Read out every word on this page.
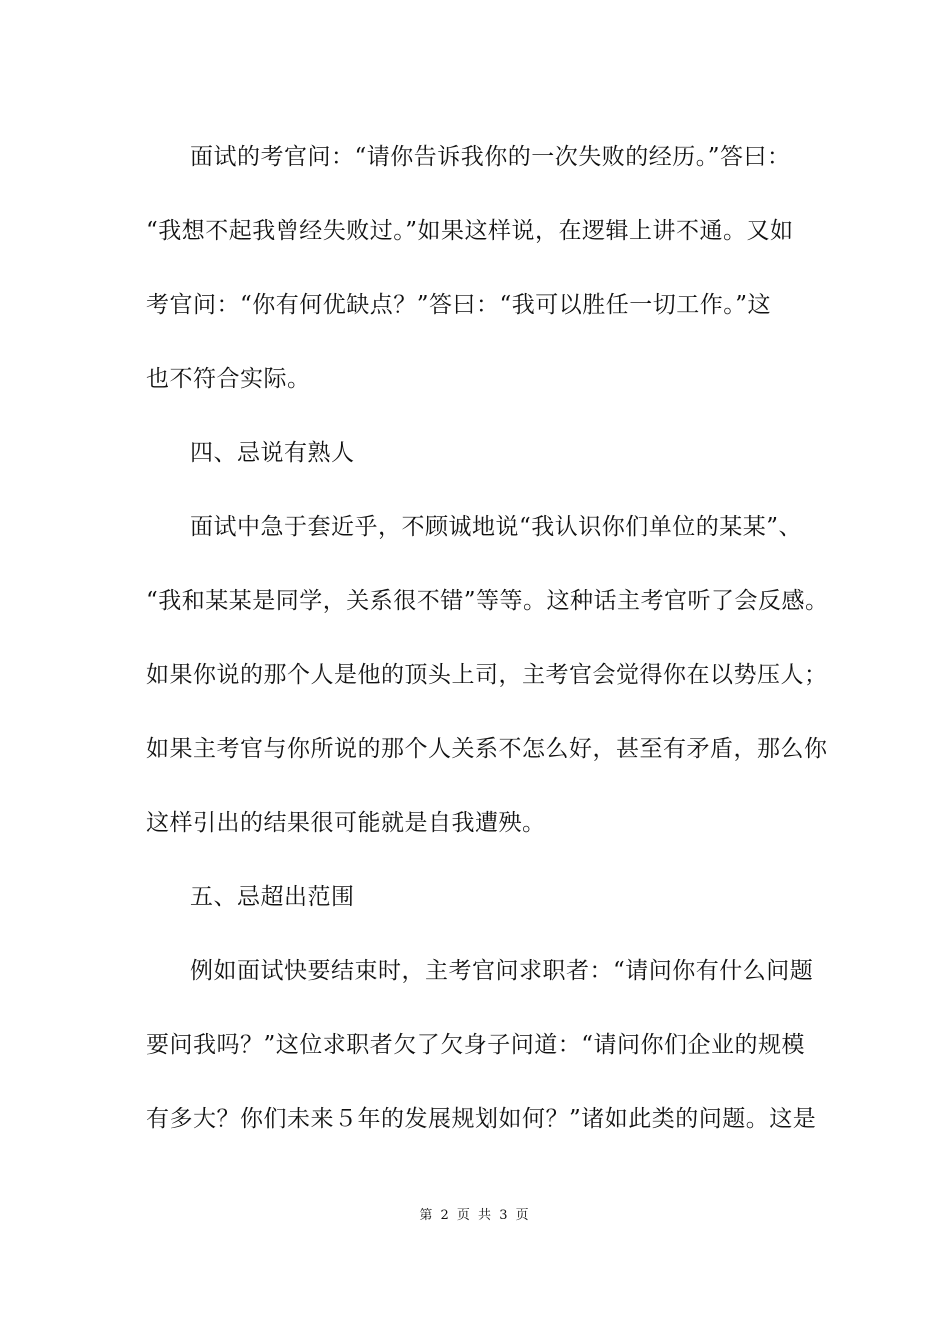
面试的考官问：“请你告诉我你的一次失败的经历。”答曰：
“我想不起我曾经失败过。”如果这样说，在逻辑上讲不通。又如
考官问：“你有何优缺点？”答曰：“我可以胜任一切工作。”这
也不符合实际。
四、忌说有熟人
面试中急于套近乎，不顾诚地说“我认识你们单位的某某”、
“我和某某是同学，关系很不错”等等。这种话主考官听了会反感。
如果你说的那个人是他的顶头上司，主考官会觉得你在以势压人；
如果主考官与你所说的那个人关系不怎么好，甚至有矛盾，那么你
这样引出的结果很可能就是自我遭殃。
五、忌超出范围
例如面试快要结束时，主考官问求职者：“请问你有什么问题
要问我吗？”这位求职者欠了欠身子问道：“请问你们企业的规模
有多大？你们未来５年的发展规划如何？”诸如此类的问题。这是
第 2 页 共 3 页
